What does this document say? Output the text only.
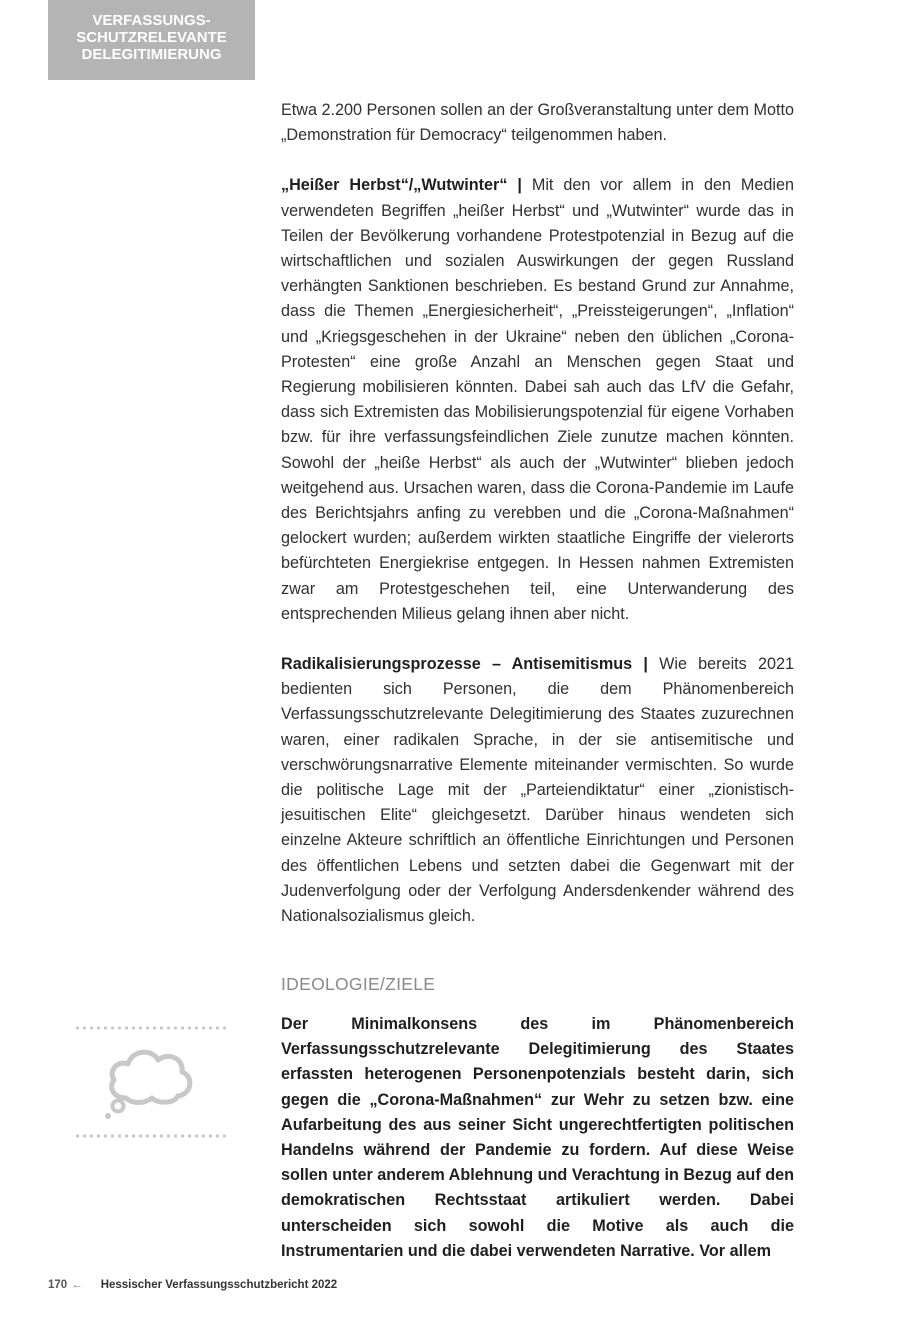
VERFASSUNGS-
SCHUTZRELEVANTE
DELEGITIMIERUNG

Etwa 2.200 Personen sollen an der Großveranstaltung unter dem Motto „Demonstration für Democracy“ teilgenommen haben.

„Heißer Herbst“/„Wutwinter“ | Mit den vor allem in den Medien verwendeten Begriffen „heißer Herbst“ und „Wutwinter“ wurde das in Teilen der Bevölkerung vorhandene Protestpotenzial in Bezug auf die wirtschaftlichen und sozialen Auswirkungen der gegen Russland verhängten Sanktionen beschrieben. Es bestand Grund zur Annahme, dass die Themen „Energiesicherheit“, „Preissteigerungen“, „Inflation“ und „Kriegsgeschehen in der Ukraine“ neben den üblichen „Corona-Protesten“ eine große Anzahl an Menschen gegen Staat und Regierung mobilisieren könnten. Dabei sah auch das LfV die Gefahr, dass sich Extremisten das Mobilisierungspotenzial für eigene Vorhaben bzw. für ihre verfassungsfeindlichen Ziele zunutze machen könnten. Sowohl der „heiße Herbst“ als auch der „Wutwinter“ blieben jedoch weitgehend aus. Ursachen waren, dass die Corona-Pandemie im Laufe des Berichtsjahrs anfing zu verebben und die „Corona-Maßnahmen“ gelockert wurden; außerdem wirkten staatliche Eingriffe der vielerorts befürchteten Energiekrise entgegen. In Hessen nahmen Extremisten zwar am Protestgeschehen teil, eine Unterwanderung des entsprechenden Milieus gelang ihnen aber nicht.

Radikalisierungsprozesse – Antisemitismus | Wie bereits 2021 bedienten sich Personen, die dem Phänomenbereich Verfassungsschutzrelevante Delegitimierung des Staates zuzurechnen waren, einer radikalen Sprache, in der sie antisemitische und verschwörungsnarrative Elemente miteinander vermischten. So wurde die politische Lage mit der „Parteiendiktatur“ einer „zionistisch-jesuitischen Elite“ gleichgesetzt. Darüber hinaus wendeten sich einzelne Akteure schriftlich an öffentliche Einrichtungen und Personen des öffentlichen Lebens und setzten dabei die Gegenwart mit der Judenverfolgung oder der Verfolgung Andersdenkender während des Nationalsozialismus gleich.

IDEOLOGIE/ZIELE

Der Minimalkonsens des im Phänomenbereich Verfassungsschutzrelevante Delegitimierung des Staates erfassten heterogenen Personenpotenzials besteht darin, sich gegen die „Corona-Maßnahmen“ zur Wehr zu setzen bzw. eine Aufarbeitung des aus seiner Sicht ungerechtfertigten politischen Handelns während der Pandemie zu fordern. Auf diese Weise sollen unter anderem Ablehnung und Verachtung in Bezug auf den demokratischen Rechtsstaat artikuliert werden. Dabei unterscheiden sich sowohl die Motive als auch die Instrumentarien und die dabei verwendeten Narrative. Vor allem

170 ← Hessischer Verfassungsschutzbericht 2022
